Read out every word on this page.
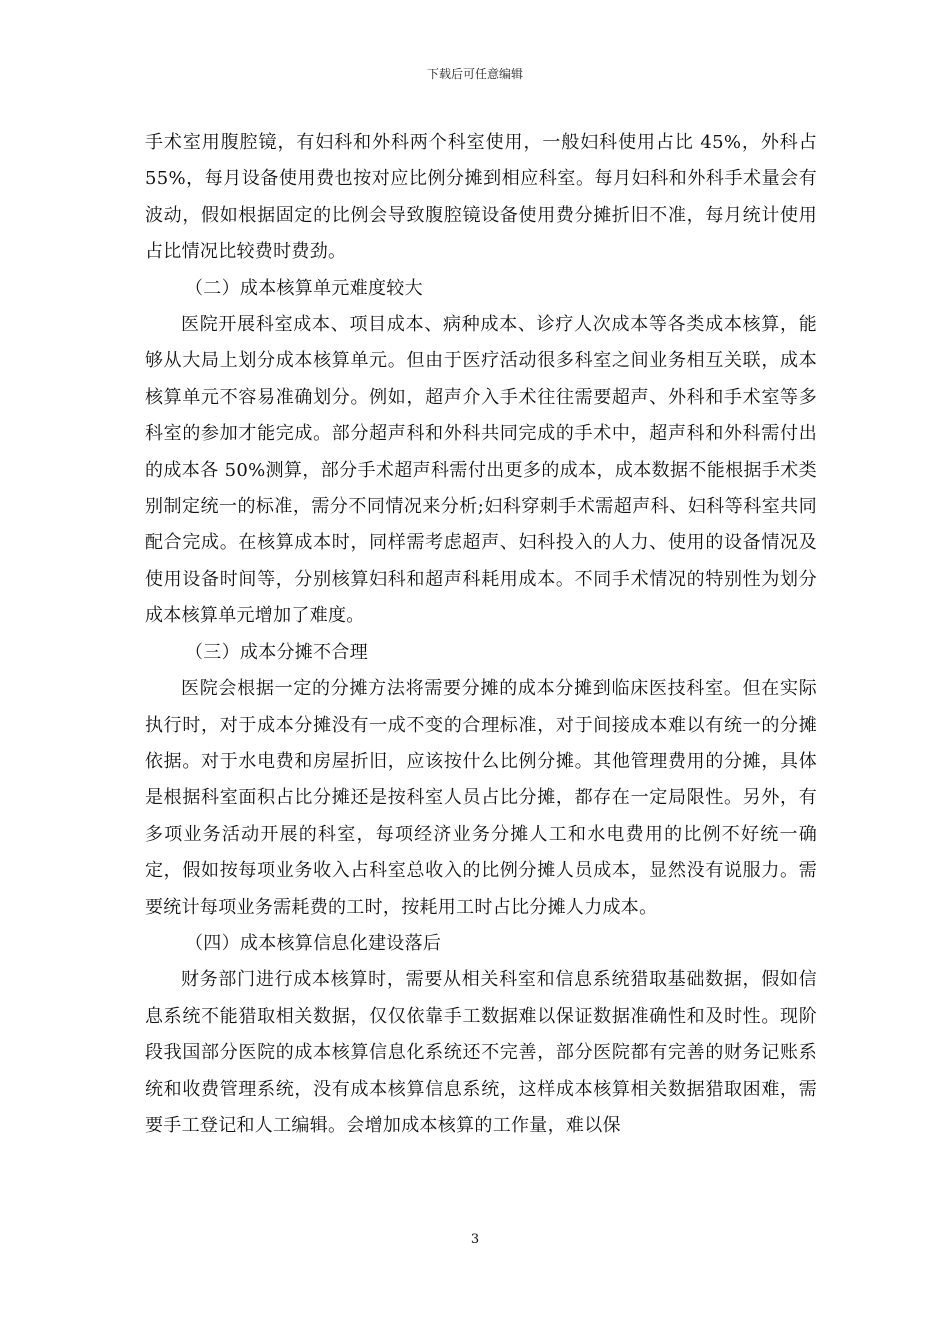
下载后可任意编辑

手术室用腹腔镜，有妇科和外科两个科室使用，一般妇科使用占比 45%，外科占 55%，每月设备使用费也按对应比例分摊到相应科室。每月妇科和外科手术量会有波动，假如根据固定的比例会导致腹腔镜设备使用费分摊折旧不准，每月统计使用占比情况比较费时费劲。

（二）成本核算单元难度较大

医院开展科室成本、项目成本、病种成本、诊疗人次成本等各类成本核算，能够从大局上划分成本核算单元。但由于医疗活动很多科室之间业务相互关联，成本核算单元不容易准确划分。例如，超声介入手术往往需要超声、外科和手术室等多科室的参加才能完成。部分超声科和外科共同完成的手术中，超声科和外科需付出的成本各 50%测算，部分手术超声科需付出更多的成本，成本数据不能根据手术类别制定统一的标准，需分不同情况来分析;妇科穿刺手术需超声科、妇科等科室共同配合完成。在核算成本时，同样需考虑超声、妇科投入的人力、使用的设备情况及使用设备时间等，分别核算妇科和超声科耗用成本。不同手术情况的特别性为划分成本核算单元增加了难度。

（三）成本分摊不合理

医院会根据一定的分摊方法将需要分摊的成本分摊到临床医技科室。但在实际执行时，对于成本分摊没有一成不变的合理标准，对于间接成本难以有统一的分摊依据。对于水电费和房屋折旧，应该按什么比例分摊。其他管理费用的分摊，具体是根据科室面积占比分摊还是按科室人员占比分摊，都存在一定局限性。另外，有多项业务活动开展的科室，每项经济业务分摊人工和水电费用的比例不好统一确定，假如按每项业务收入占科室总收入的比例分摊人员成本，显然没有说服力。需要统计每项业务需耗费的工时，按耗用工时占比分摊人力成本。

（四）成本核算信息化建设落后

财务部门进行成本核算时，需要从相关科室和信息系统猎取基础数据，假如信息系统不能猎取相关数据，仅仅依靠手工数据难以保证数据准确性和及时性。现阶段我国部分医院的成本核算信息化系统还不完善，部分医院都有完善的财务记账系统和收费管理系统，没有成本核算信息系统，这样成本核算相关数据猎取困难，需要手工登记和人工编辑。会增加成本核算的工作量，难以保

3
